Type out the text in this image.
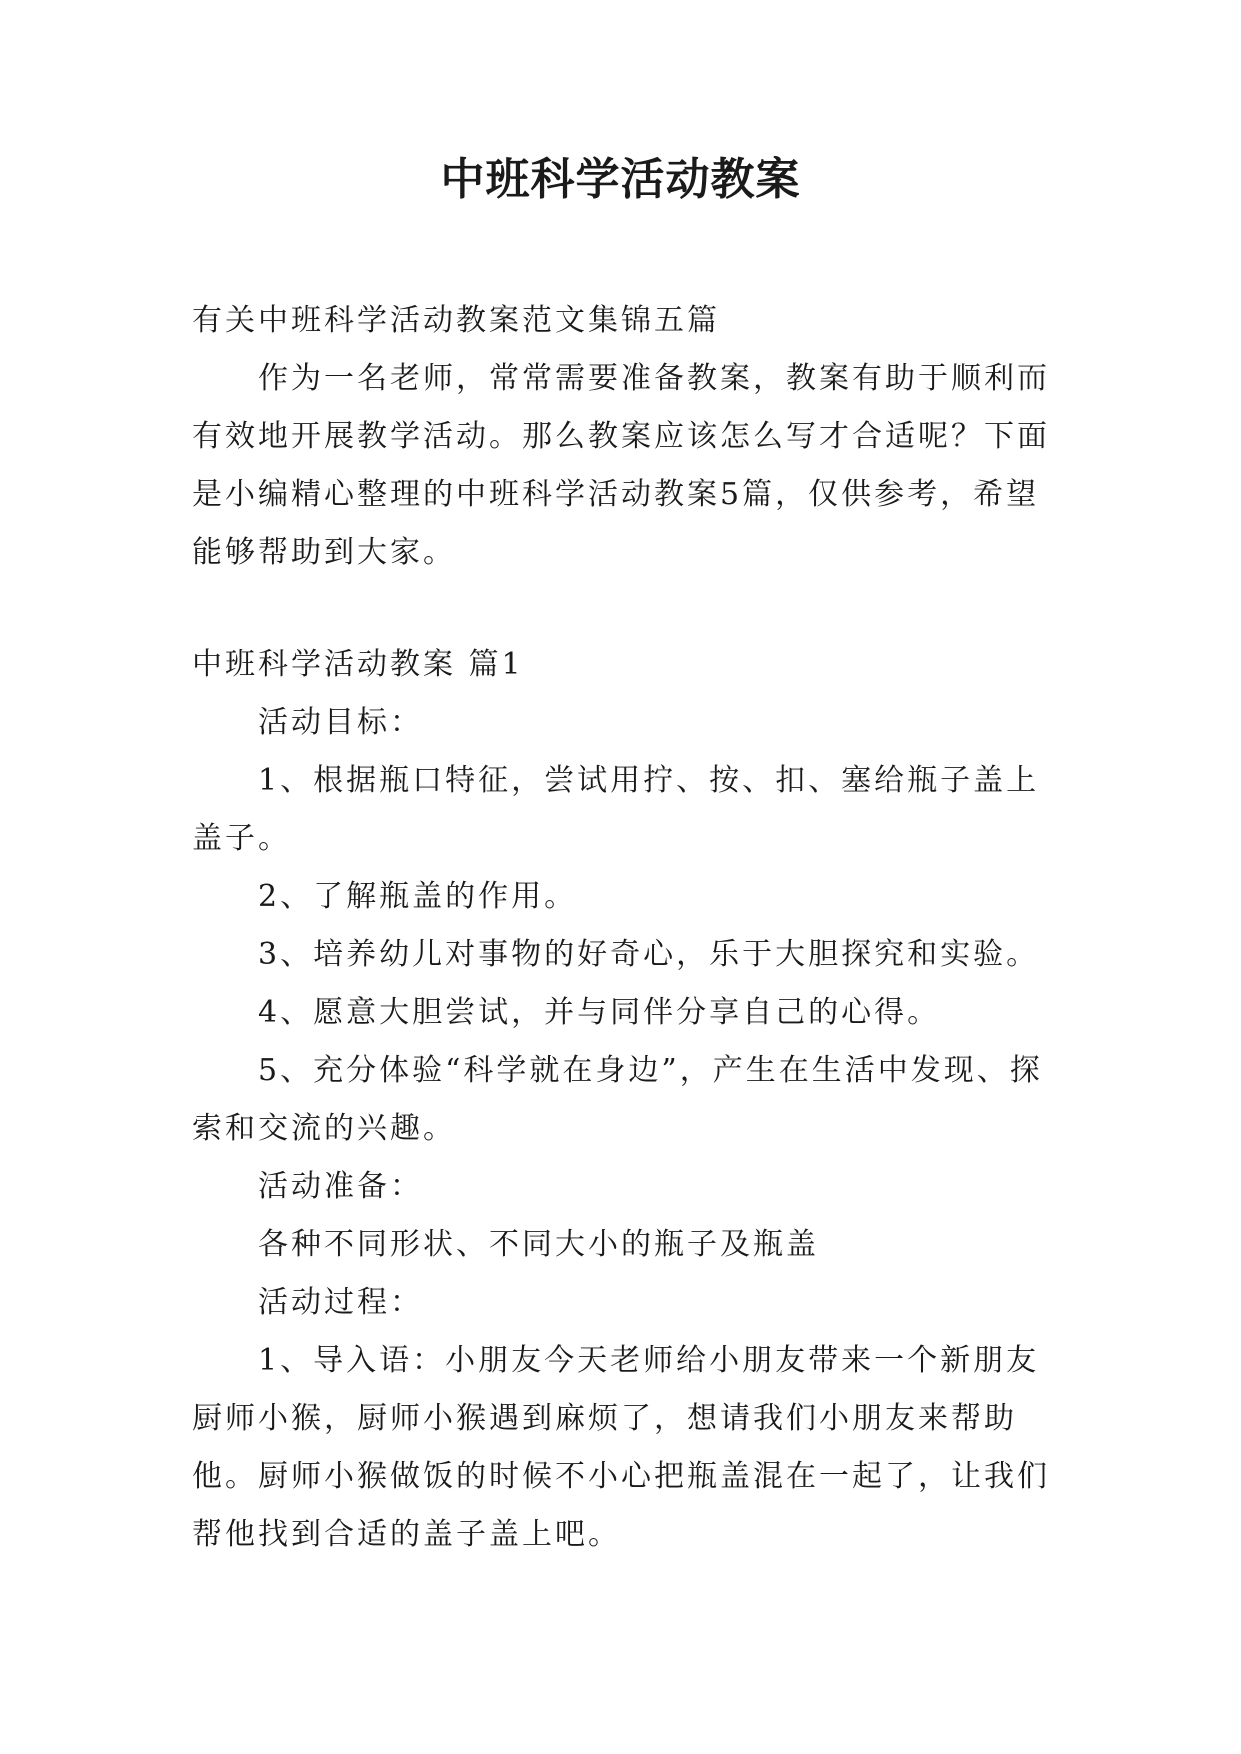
中班科学活动教案

有关中班科学活动教案范文集锦五篇

作为一名老师，常常需要准备教案，教案有助于顺利而有效地开展教学活动。那么教案应该怎么写才合适呢？下面是小编精心整理的中班科学活动教案5篇，仅供参考，希望能够帮助到大家。

中班科学活动教案 篇1

活动目标：

1、根据瓶口特征，尝试用拧、按、扣、塞给瓶子盖上盖子。

2、了解瓶盖的作用。

3、培养幼儿对事物的好奇心，乐于大胆探究和实验。

4、愿意大胆尝试，并与同伴分享自己的心得。

5、充分体验“科学就在身边”，产生在生活中发现、探索和交流的兴趣。

活动准备：

各种不同形状、不同大小的瓶子及瓶盖

活动过程：

1、导入语：小朋友今天老师给小朋友带来一个新朋友厨师小猴，厨师小猴遇到麻烦了，想请我们小朋友来帮助他。厨师小猴做饭的时候不小心把瓶盖混在一起了，让我们帮他找到合适的盖子盖上吧。
